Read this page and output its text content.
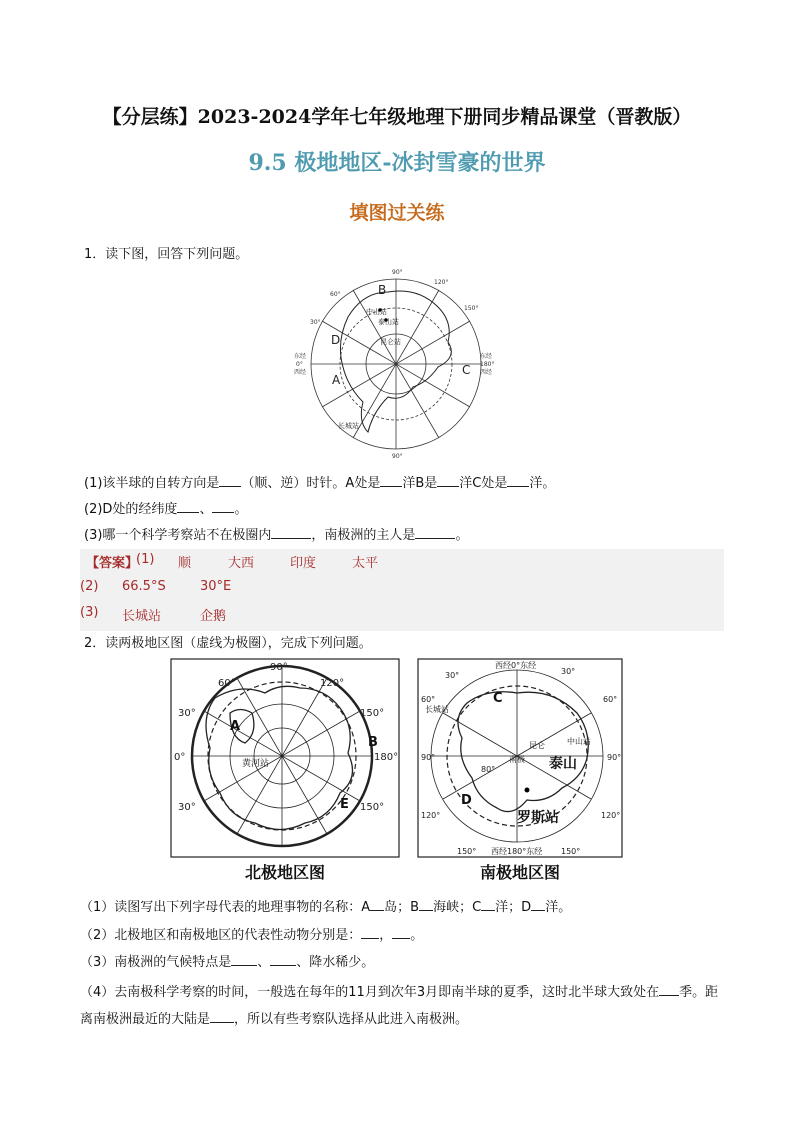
【分层练】2023-2024学年七年级地理下册同步精品课堂（晋教版）
9.5 极地地区-冰封雪豪的世界
填图过关练
1．读下图，回答下列问题。
90°
120°
150°
60°
30°
东经
0°
西经
东经
180°
西经
90°
B
D
A
C
中山站
泰山站
昆仑站
长城站
(1)该半球的自转方向是 （顺、逆）时针。A处是 洋B是 洋C处是 洋。
(2)D处的经纬度 、 。
(3)哪一个科学考察站不在极圈内	，南极洲的主人是	。
【答案】
(1) 顺	大西	印度	太平
(2) 66.5°S	30°E
(3) 长城站	企鹅
2．读两极地区图（虚线为极圈），完成下列问题。
90°
60°	120°
30°	150°
0°	180°
30°	150°
A
B
E
黄河站
北极地区图
西经0°东经
30°
30°
60°	60°
90°	90°
120°	120°
150°	150°
西经180°东经
80°
C
D
长城站
中山站
昆仑
南极 泰山
罗斯站
南极地区图
（1）读图写出下列字母代表的地理事物的名称：A 岛；B 海峡；C 洋；D 洋。
（2）北极地区和南极地区的代表性动物分别是： ， 。
（3）南极洲的气候特点是 、 、降水稀少。
（4）去南极科学考察的时间，一般选在每年的11月到次年3月即南半球的夏季，这时北半球大致处在 季。距离南极洲最近的大陆是 ，所以有些考察队选择从此进入南极洲。
